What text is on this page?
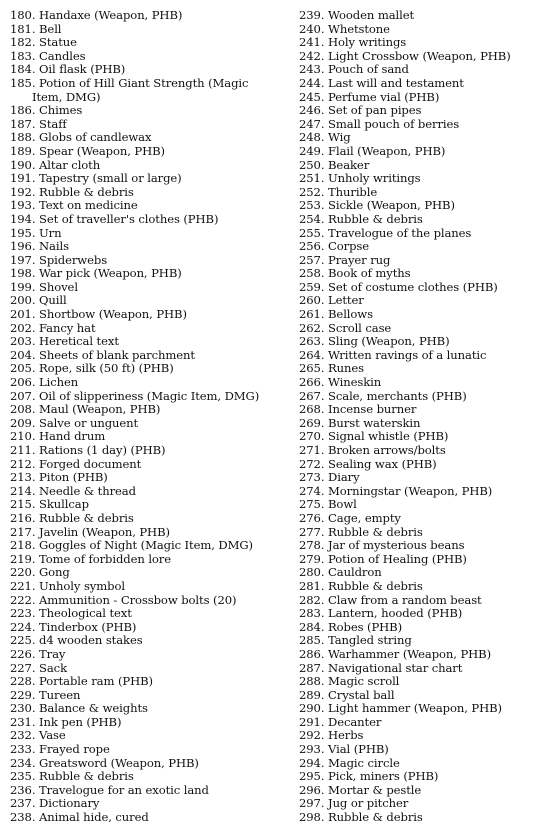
180.
Handaxe (Weapon, PHB)
181.
Bell
182.
Statue
183.
Candles
184.
Oil flask (PHB)
185. Potion of Hill Giant Strength (Magic
Item, DMG)
186.
Chimes
187.
Staff
188.
Globs of candlewax
189.
Spear (Weapon, PHB)
190.
Altar cloth
191.
Tapestry (small or large)
192.
Rubble & debris
193.
Text on medicine
194.
Set of traveller's clothes (PHB)
195.
Urn
196.
Nails
197.
Spiderwebs
198.
War pick (Weapon, PHB)
199.
Shovel
200.
Quill
201.
Shortbow (Weapon, PHB)
202.
Fancy hat
203.
Heretical text
204.
Sheets of blank parchment
205.
Rope, silk (50 ft) (PHB)
206.
Lichen
207.
Oil of slipperiness (Magic Item, DMG)
208.
Maul (Weapon, PHB)
209.
Salve or unguent
210.
Hand drum
211.
Rations (1 day) (PHB)
212.
Forged document
213.
Piton (PHB)
214.
Needle & thread
215.
Skullcap
216.
Rubble & debris
217.
Javelin (Weapon, PHB)
218.
Goggles of Night (Magic Item, DMG)
219.
Tome of forbidden lore
220.
Gong
221.
Unholy symbol
222.
Ammunition - Crossbow bolts (20)
223.
Theological text
224.
Tinderbox (PHB)
225.
d4 wooden stakes
226.
Tray
227.
Sack
228.
Portable ram (PHB)
229.
Tureen
230.
Balance & weights
231.
Ink pen (PHB)
232.
Vase
233.
Frayed rope
234.
Greatsword (Weapon, PHB)
235.
Rubble & debris
236.
Travelogue for an exotic land
237.
Dictionary
238.
Animal hide, cured
239.
Wooden mallet
240.
Whetstone
241.
Holy writings
242.
Light Crossbow (Weapon, PHB)
243.
Pouch of sand
244.
Last will and testament
245.
Perfume vial (PHB)
246.
Set of pan pipes
247.
Small pouch of berries
248.
Wig
249.
Flail (Weapon, PHB)
250.
Beaker
251.
Unholy writings
252.
Thurible
253.
Sickle (Weapon, PHB)
254.
Rubble & debris
255.
Travelogue of the planes
256.
Corpse
257.
Prayer rug
258.
Book of myths
259.
Set of costume clothes (PHB)
260.
Letter
261.
Bellows
262.
Scroll case
263.
Sling (Weapon, PHB)
264.
Written ravings of a lunatic
265.
Runes
266.
Wineskin
267.
Scale, merchants (PHB)
268.
Incense burner
269.
Burst waterskin
270.
Signal whistle (PHB)
271.
Broken arrows/bolts
272.
Sealing wax (PHB)
273.
Diary
274.
Morningstar (Weapon, PHB)
275.
Bowl
276.
Cage, empty
277.
Rubble & debris
278.
Jar of mysterious beans
279.
Potion of Healing (PHB)
280.
Cauldron
281.
Rubble & debris
282.
Claw from a random beast
283.
Lantern, hooded (PHB)
284.
Robes (PHB)
285.
Tangled string
286.
Warhammer (Weapon, PHB)
287.
Navigational star chart
288.
Magic scroll
289.
Crystal ball
290.
Light hammer (Weapon, PHB)
291.
Decanter
292.
Herbs
293.
Vial (PHB)
294.
Magic circle
295.
Pick, miners (PHB)
296.
Mortar & pestle
297.
Jug or pitcher
298.
Rubble & debris
